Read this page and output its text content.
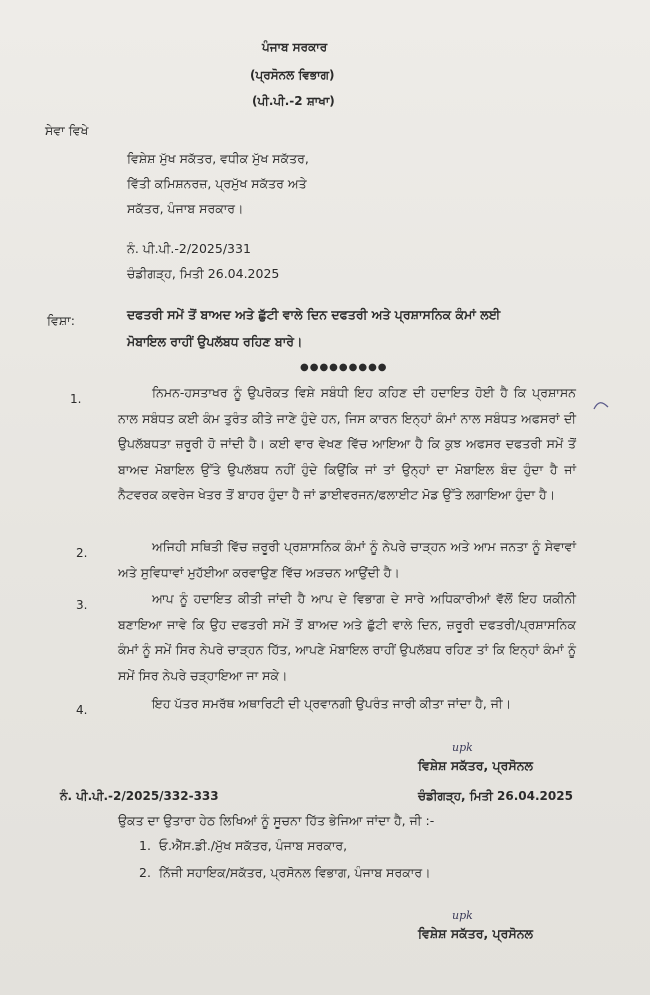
ਪੰਜਾਬ ਸਰਕਾਰ
(ਪ੍ਰਸੋਨਲ ਵਿਭਾਗ)
(ਪੀ.ਪੀ.-2 ਸ਼ਾਖਾ)
ਸੇਵਾ ਵਿਖੇ
ਵਿਸ਼ੇਸ਼ ਮੁੱਖ ਸਕੱਤਰ, ਵਧੀਕ ਮੁੱਖ ਸਕੱਤਰ,
ਵਿੱਤੀ ਕਮਿਸ਼ਨਰਜ਼, ਪ੍ਰਮੁੱਖ ਸਕੱਤਰ ਅਤੇ
ਸਕੱਤਰ, ਪੰਜਾਬ ਸਰਕਾਰ।
ਨੰ. ਪੀ.ਪੀ.-2/2025/331
ਚੰਡੀਗੜ੍ਹ, ਮਿਤੀ 26.04.2025
ਵਿਸ਼ਾ:	ਦਫਤਰੀ ਸਮੇਂ ਤੋਂ ਬਾਅਦ ਅਤੇ ਛੁੱਟੀ ਵਾਲੇ ਦਿਨ ਦਫਤਰੀ ਅਤੇ ਪ੍ਰਸ਼ਾਸਨਿਕ ਕੰਮਾਂ ਲਈ
ਮੋਬਾਇਲ ਰਾਹੀਂ ਉਪਲੱਬਧ ਰਹਿਣ ਬਾਰੇ।
●●●●●●●●●
1.	ਨਿਮਨ-ਹਸਤਾਖਰ ਨੂੰ ਉਪਰੋਕਤ ਵਿਸ਼ੇ ਸਬੰਧੀ ਇਹ ਕਹਿਣ ਦੀ ਹਦਾਇਤ ਹੋਈ ਹੈ ਕਿ ਪ੍ਰਸ਼ਾਸਨ ਨਾਲ ਸਬੰਧਤ ਕਈ ਕੰਮ ਤੁਰੰਤ ਕੀਤੇ ਜਾਣੇ ਹੁੰਦੇ ਹਨ, ਜਿਸ ਕਾਰਨ ਇਨ੍ਹਾਂ ਕੰਮਾਂ ਨਾਲ ਸਬੰਧਤ ਅਫਸਰਾਂ ਦੀ ਉਪਲੱਬਧਤਾ ਜ਼ਰੂਰੀ ਹੋ ਜਾਂਦੀ ਹੈ। ਕਈ ਵਾਰ ਵੇਖਣ ਵਿੱਚ ਆਇਆ ਹੈ ਕਿ ਕੁਝ ਅਫਸਰ ਦਫਤਰੀ ਸਮੇਂ ਤੋਂ ਬਾਅਦ ਮੋਬਾਇਲ ਉੱਤੇ ਉਪਲੱਬਧ ਨਹੀਂ ਹੁੰਦੇ ਕਿਉਂਕਿ ਜਾਂ ਤਾਂ ਉਨ੍ਹਾਂ ਦਾ ਮੋਬਾਇਲ ਬੰਦ ਹੁੰਦਾ ਹੈ ਜਾਂ ਨੈਟਵਰਕ ਕਵਰੇਜ ਖੇਤਰ ਤੋਂ ਬਾਹਰ ਹੁੰਦਾ ਹੈ ਜਾਂ ਡਾਈਵਰਜਨ/ਫਲਾਈਟ ਮੋਡ ਉੱਤੇ ਲਗਾਇਆ ਹੁੰਦਾ ਹੈ।
2.	ਅਜਿਹੀ ਸਥਿਤੀ ਵਿੱਚ ਜ਼ਰੂਰੀ ਪ੍ਰਸ਼ਾਸਨਿਕ ਕੰਮਾਂ ਨੂੰ ਨੇਪਰੇ ਚਾੜ੍ਹਨ ਅਤੇ ਆਮ ਜਨਤਾ ਨੂੰ ਸੇਵਾਵਾਂ ਅਤੇ ਸੁਵਿਧਾਵਾਂ ਮੁਹੱਈਆ ਕਰਵਾਉਣ ਵਿੱਚ ਅੜਚਨ ਆਉਂਦੀ ਹੈ।
3.	ਆਪ ਨੂੰ ਹਦਾਇਤ ਕੀਤੀ ਜਾਂਦੀ ਹੈ ਆਪ ਦੇ ਵਿਭਾਗ ਦੇ ਸਾਰੇ ਅਧਿਕਾਰੀਆਂ ਵੱਲੋਂ ਇਹ ਯਕੀਨੀ ਬਣਾਇਆ ਜਾਵੇ ਕਿ ਉਹ ਦਫਤਰੀ ਸਮੇਂ ਤੋਂ ਬਾਅਦ ਅਤੇ ਛੁੱਟੀ ਵਾਲੇ ਦਿਨ, ਜ਼ਰੂਰੀ ਦਫਤਰੀ/ਪ੍ਰਸ਼ਾਸਨਿਕ ਕੰਮਾਂ ਨੂੰ ਸਮੇਂ ਸਿਰ ਨੇਪਰੇ ਚਾੜ੍ਹਨ ਹਿੱਤ, ਆਪਣੇ ਮੋਬਾਇਲ ਰਾਹੀਂ ਉਪਲੱਬਧ ਰਹਿਣ ਤਾਂ ਕਿ ਇਨ੍ਹਾਂ ਕੰਮਾਂ ਨੂੰ ਸਮੇਂ ਸਿਰ ਨੇਪਰੇ ਚੜ੍ਹਾਇਆ ਜਾ ਸਕੇ।
4.	ਇਹ ਪੱਤਰ ਸਮਰੱਥ ਅਥਾਰਿਟੀ ਦੀ ਪ੍ਰਵਾਨਗੀ ਉਪਰੰਤ ਜਾਰੀ ਕੀਤਾ ਜਾਂਦਾ ਹੈ, ਜੀ।
upk
ਵਿਸ਼ੇਸ਼ ਸਕੱਤਰ, ਪ੍ਰਸੋਨਲ
ਨੰ. ਪੀ.ਪੀ.-2/2025/332-333	ਚੰਡੀਗੜ੍ਹ, ਮਿਤੀ 26.04.2025
ਉਕਤ ਦਾ ਉਤਾਰਾ ਹੇਠ ਲਿਖਿਆਂ ਨੂੰ ਸੂਚਨਾ ਹਿੱਤ ਭੇਜਿਆ ਜਾਂਦਾ ਹੈ, ਜੀ :-
1. ਓ.ਐੱਸ.ਡੀ./ਮੁੱਖ ਸਕੱਤਰ, ਪੰਜਾਬ ਸਰਕਾਰ,
2. ਨਿੱਜੀ ਸਹਾਇਕ/ਸਕੱਤਰ, ਪ੍ਰਸੋਨਲ ਵਿਭਾਗ, ਪੰਜਾਬ ਸਰਕਾਰ।
upk
ਵਿਸ਼ੇਸ਼ ਸਕੱਤਰ, ਪ੍ਰਸੋਨਲ
